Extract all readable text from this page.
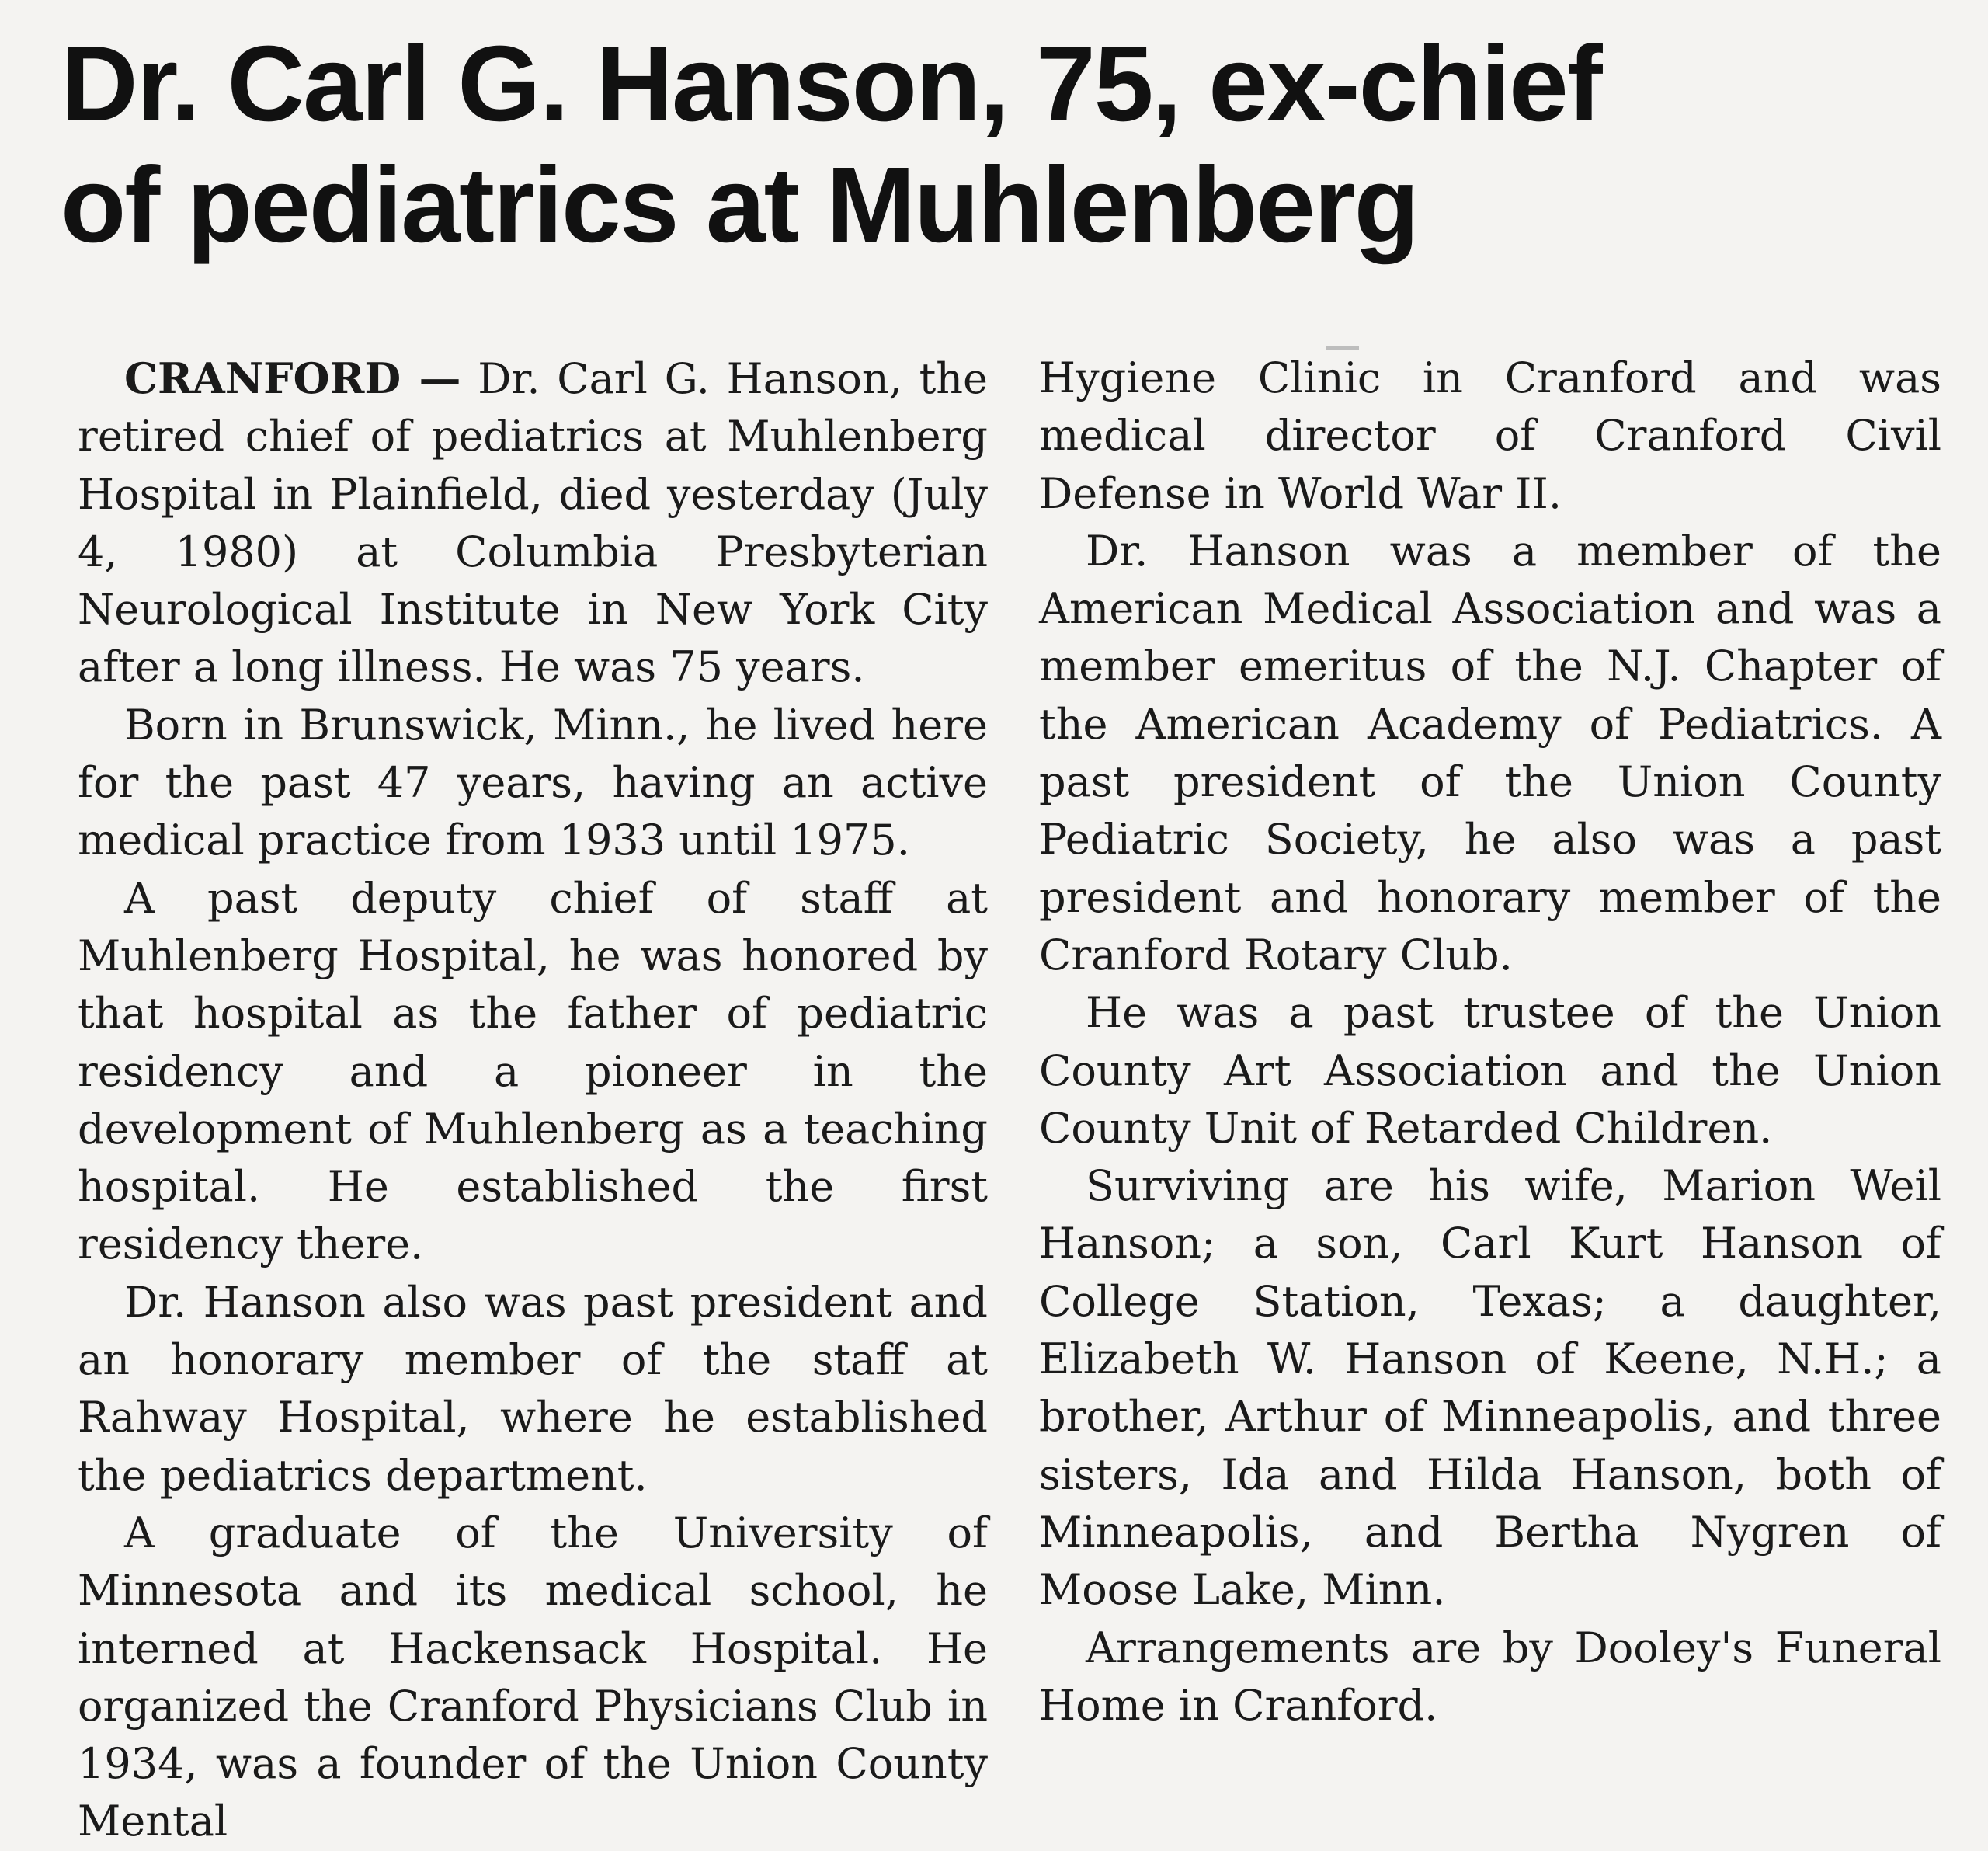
Dr. Carl G. Hanson, 75, ex-chief
of pediatrics at Muhlenberg

CRANFORD — Dr. Carl G. Hanson, the retired chief of pediatrics at Muhlenberg Hospital in Plainfield, died yesterday (July 4, 1980) at Columbia Presbyterian Neurological Institute in New York City after a long illness. He was 75 years.

Born in Brunswick, Minn., he lived here for the past 47 years, having an active medical practice from 1933 until 1975.

A past deputy chief of staff at Muhlenberg Hospital, he was honored by that hospital as the father of pediatric residency and a pioneer in the development of Muhlenberg as a teaching hospital. He established the first residency there.

Dr. Hanson also was past president and an honorary member of the staff at Rahway Hospital, where he established the pediatrics department.

A graduate of the University of Minnesota and its medical school, he interned at Hackensack Hospital. He organized the Cranford Physicians Club in 1934, was a founder of the Union County Mental

Hygiene Clinic in Cranford and was medical director of Cranford Civil Defense in World War II.

Dr. Hanson was a member of the American Medical Association and was a member emeritus of the N.J. Chapter of the American Academy of Pediatrics. A past president of the Union County Pediatric Society, he also was a past president and honorary member of the Cranford Rotary Club.

He was a past trustee of the Union County Art Association and the Union County Unit of Retarded Children.

Surviving are his wife, Marion Weil Hanson; a son, Carl Kurt Hanson of College Station, Texas; a daughter, Elizabeth W. Hanson of Keene, N.H.; a brother, Arthur of Minneapolis, and three sisters, Ida and Hilda Hanson, both of Minneapolis, and Bertha Nygren of Moose Lake, Minn.

Arrangements are by Dooley's Funeral Home in Cranford.
